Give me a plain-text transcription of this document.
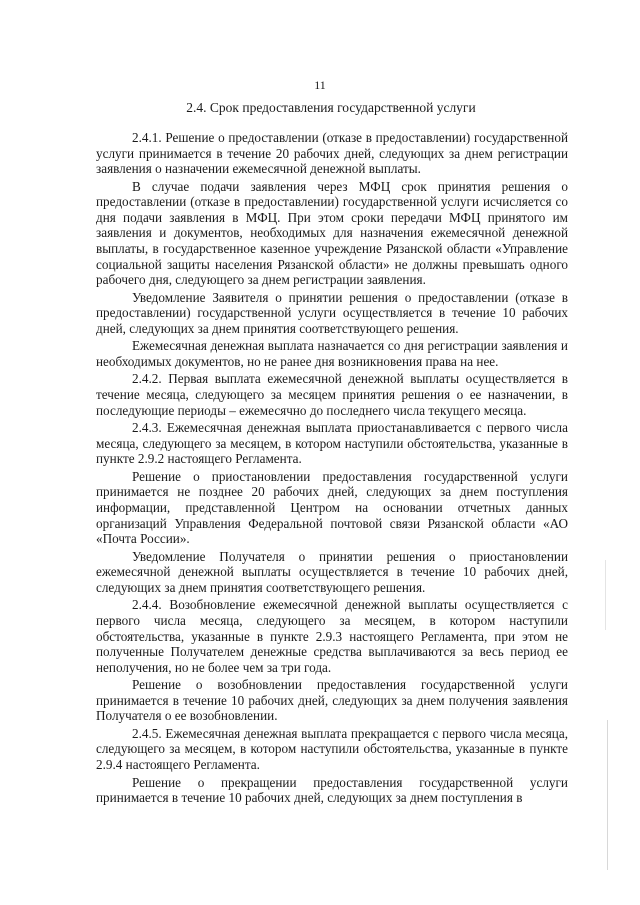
11
2.4. Срок предоставления государственной услуги

2.4.1. Решение о предоставлении (отказе в предоставлении) государственной услуги принимается в течение 20 рабочих дней, следующих за днем регистрации заявления о назначении ежемесячной денежной выплаты.

В случае подачи заявления через МФЦ срок принятия решения о предоставлении (отказе в предоставлении) государственной услуги исчисляется со дня подачи заявления в МФЦ. При этом сроки передачи МФЦ принятого им заявления и документов, необходимых для назначения ежемесячной денежной выплаты, в государственное казенное учреждение Рязанской области «Управление социальной защиты населения Рязанской области» не должны превышать одного рабочего дня, следующего за днем регистрации заявления.

Уведомление Заявителя о принятии решения о предоставлении (отказе в предоставлении) государственной услуги осуществляется в течение 10 рабочих дней, следующих за днем принятия соответствующего решения.

Ежемесячная денежная выплата назначается со дня регистрации заявления и необходимых документов, но не ранее дня возникновения права на нее.

2.4.2. Первая выплата ежемесячной денежной выплаты осуществляется в течение месяца, следующего за месяцем принятия решения о ее назначении, в последующие периоды – ежемесячно до последнего числа текущего месяца.

2.4.3. Ежемесячная денежная выплата приостанавливается с первого числа месяца, следующего за месяцем, в котором наступили обстоятельства, указанные в пункте 2.9.2 настоящего Регламента.

Решение о приостановлении предоставления государственной услуги принимается не позднее 20 рабочих дней, следующих за днем поступления информации, представленной Центром на основании отчетных данных организаций Управления Федеральной почтовой связи Рязанской области «АО «Почта России».

Уведомление Получателя о принятии решения о приостановлении ежемесячной денежной выплаты осуществляется в течение 10 рабочих дней, следующих за днем принятия соответствующего решения.

2.4.4. Возобновление ежемесячной денежной выплаты осуществляется с первого числа месяца, следующего за месяцем, в котором наступили обстоятельства, указанные в пункте 2.9.3 настоящего Регламента, при этом не полученные Получателем денежные средства выплачиваются за весь период ее неполучения, но не более чем за три года.

Решение о возобновлении предоставления государственной услуги принимается в течение 10 рабочих дней, следующих за днем получения заявления Получателя о ее возобновлении.

2.4.5. Ежемесячная денежная выплата прекращается с первого числа месяца, следующего за месяцем, в котором наступили обстоятельства, указанные в пункте 2.9.4 настоящего Регламента.

Решение о прекращении предоставления государственной услуги принимается в течение 10 рабочих дней, следующих за днем поступления в
